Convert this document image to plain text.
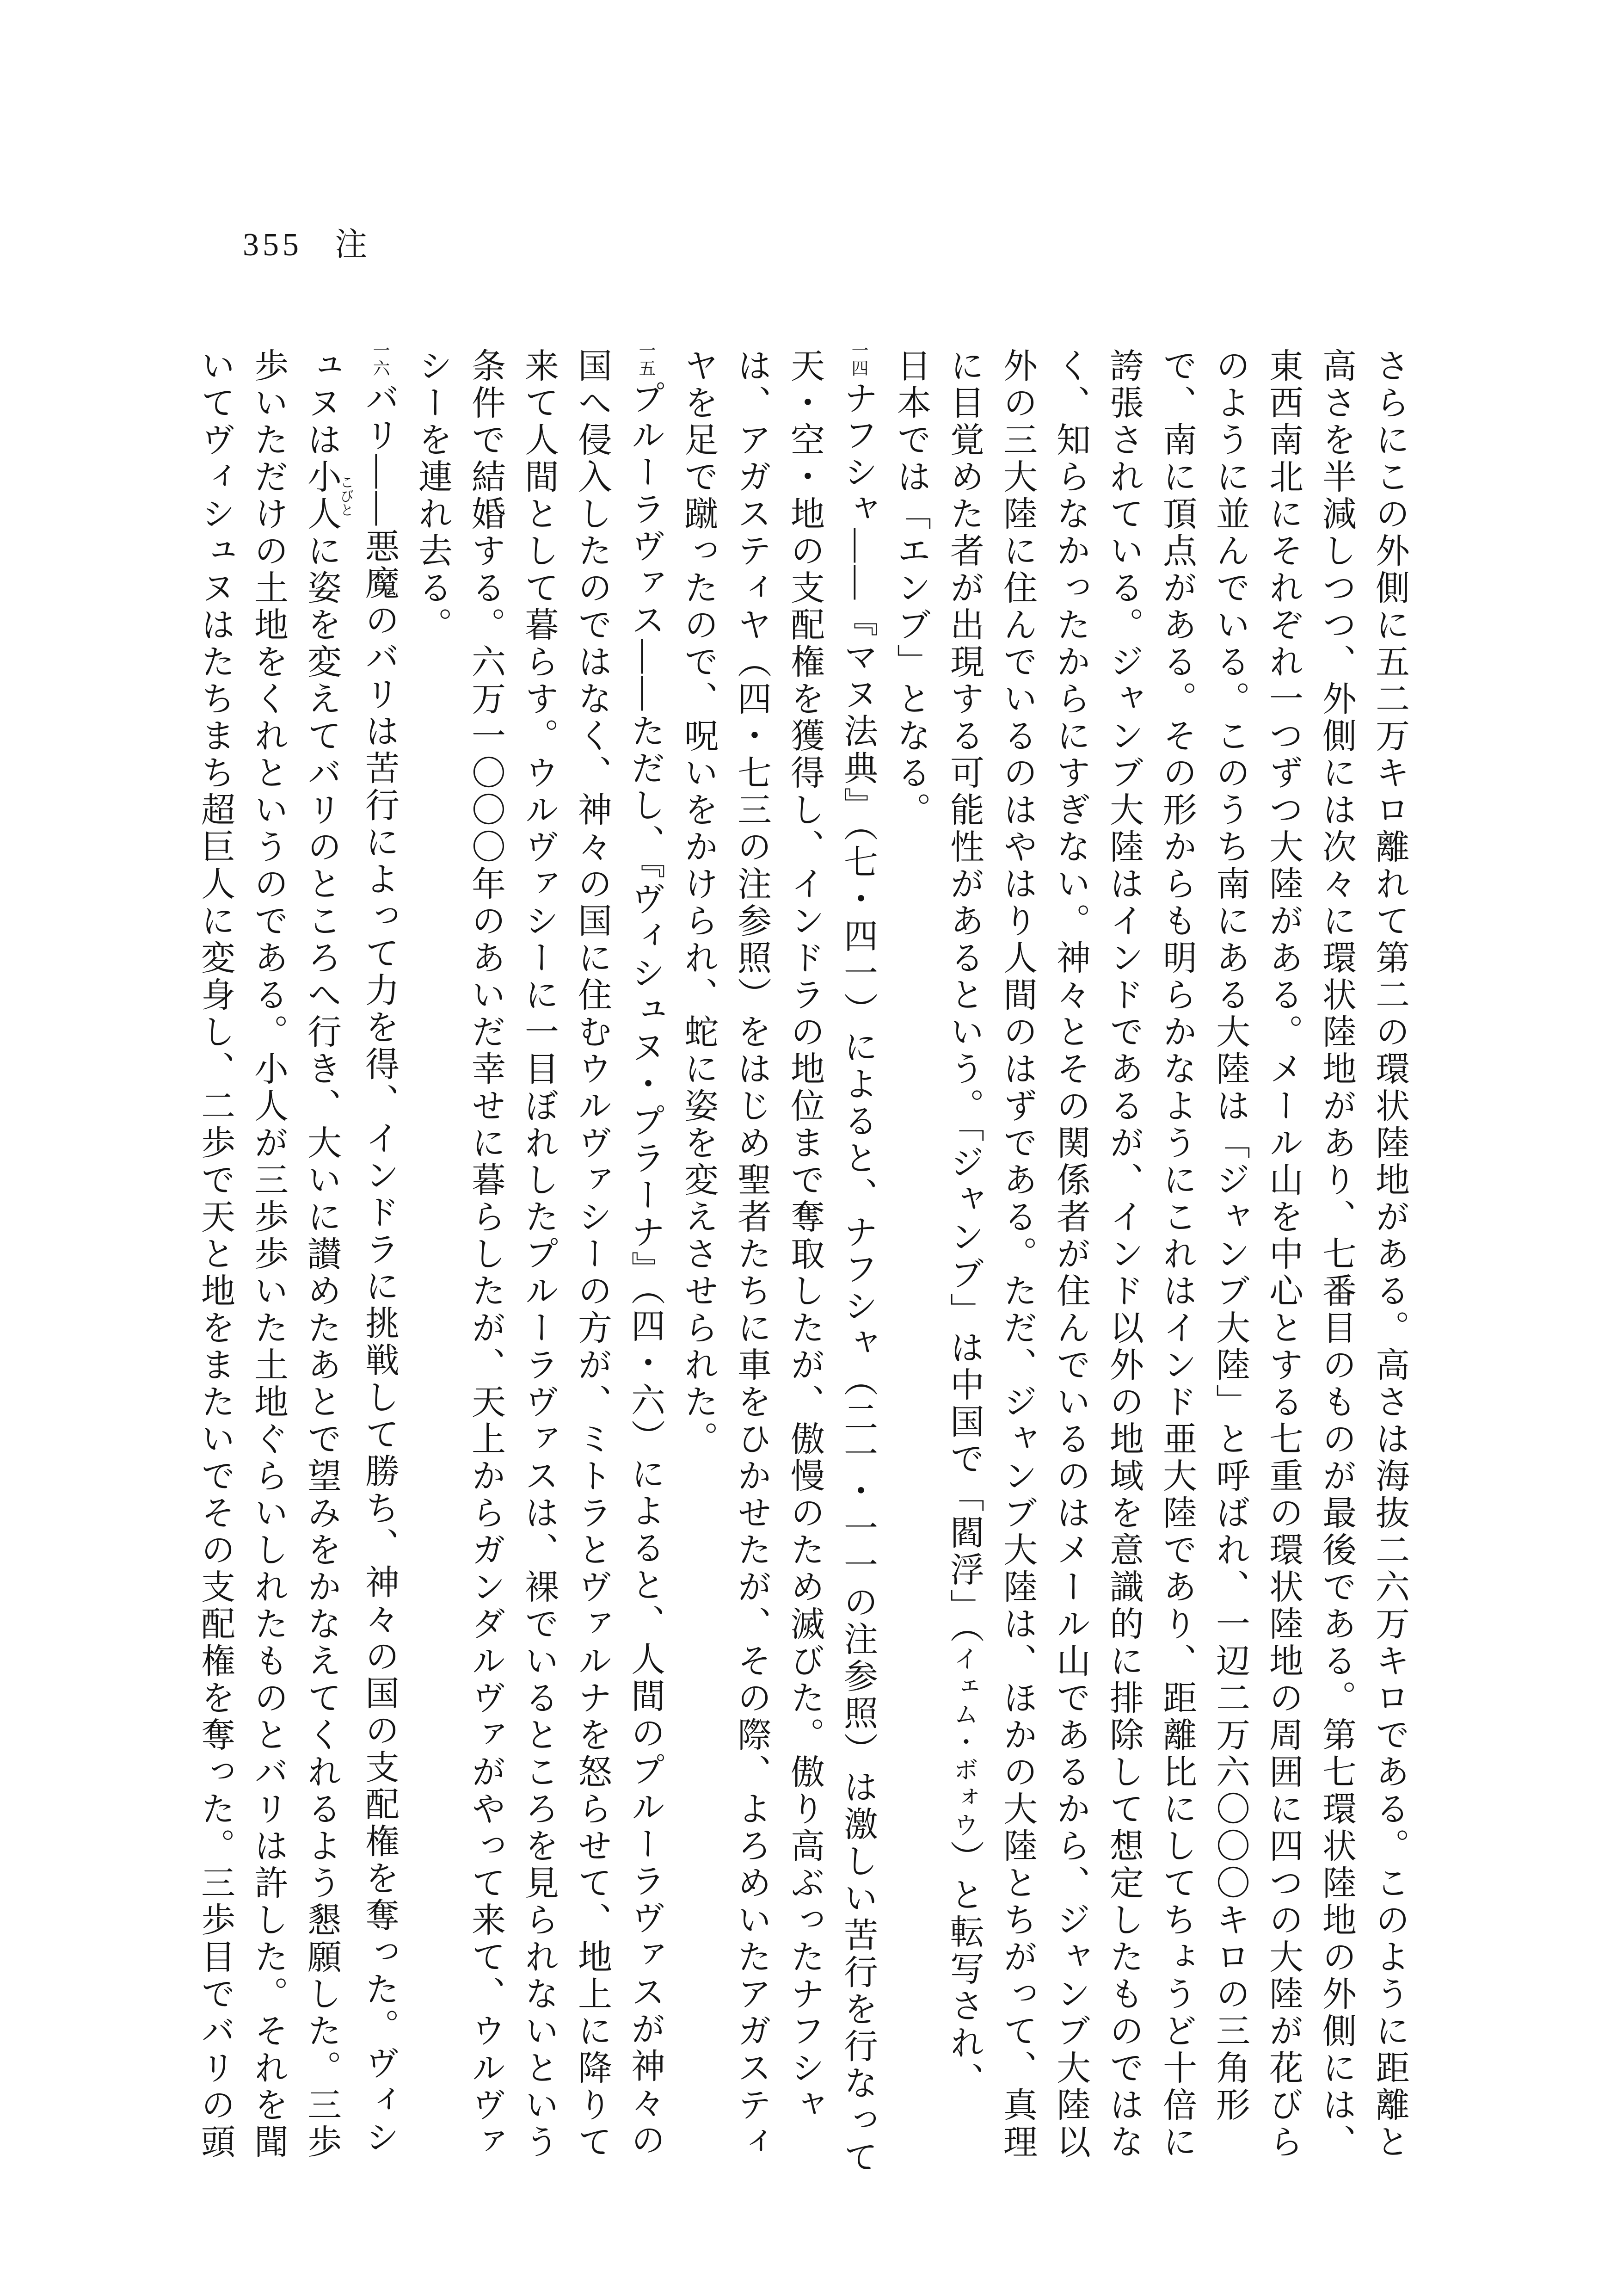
355 注
さらにこの外側に五二万キロ離れて第二の環状陸地がある。高さは海抜二六万キロである。このように距離と
高さを半減しつつ、外側には次々に環状陸地があり、七番目のものが最後である。第七環状陸地の外側には、
東西南北にそれぞれ一つずつ大陸がある。メール山を中心とする七重の環状陸地の周囲に四つの大陸が花びら
のように並んでいる。このうち南にある大陸は「ジャンブ大陸」と呼ばれ、一辺二万六〇〇〇キロの三角形
で、南に頂点がある。その形からも明らかなようにこれはインド亜大陸であり、距離比にしてちょうど十倍に
誇張されている。ジャンブ大陸はインドであるが、インド以外の地域を意識的に排除して想定したものではな
く、知らなかったからにすぎない。神々とその関係者が住んでいるのはメール山であるから、ジャンブ大陸以
外の三大陸に住んでいるのはやはり人間のはずである。ただ、ジャンブ大陸は、ほかの大陸とちがって、真理
に目覚めた者が出現する可能性があるという。「ジャンブ」は中国で「閻浮」（イェム・ボォウ）と転写され、
日本では「エンブ」となる。
一四ナフシャ――『マヌ法典』（七・四一）によると、ナフシャ（二一・一一の注参照）は激しい苦行を行なって
天・空・地の支配権を獲得し、インドラの地位まで奪取したが、傲慢のため滅びた。傲り高ぶったナフシャ
は、アガスティヤ（四・七三の注参照）をはじめ聖者たちに車をひかせたが、その際、よろめいたアガスティ
ヤを足で蹴ったので、呪いをかけられ、蛇に姿を変えさせられた。
一五プルーラヴァス――ただし、『ヴィシュヌ・プラーナ』（四・六）によると、人間のプルーラヴァスが神々の
国へ侵入したのではなく、神々の国に住むウルヴァシーの方が、ミトラとヴァルナを怒らせて、地上に降りて
来て人間として暮らす。ウルヴァシーに一目ぼれしたプルーラヴァスは、裸でいるところを見られないという
条件で結婚する。六万一〇〇〇年のあいだ幸せに暮らしたが、天上からガンダルヴァがやって来て、ウルヴァ
シーを連れ去る。
一六バリ――悪魔のバリは苦行によって力を得、インドラに挑戦して勝ち、神々の国の支配権を奪った。ヴィシ
ュヌは小人こびとに姿を変えてバリのところへ行き、大いに讃めたあとで望みをかなえてくれるよう懇願した。三歩
歩いただけの土地をくれというのである。小人が三歩歩いた土地ぐらいしれたものとバリは許した。それを聞
いてヴィシュヌはたちまち超巨人に変身し、二歩で天と地をまたいでその支配権を奪った。三歩目でバリの頭
